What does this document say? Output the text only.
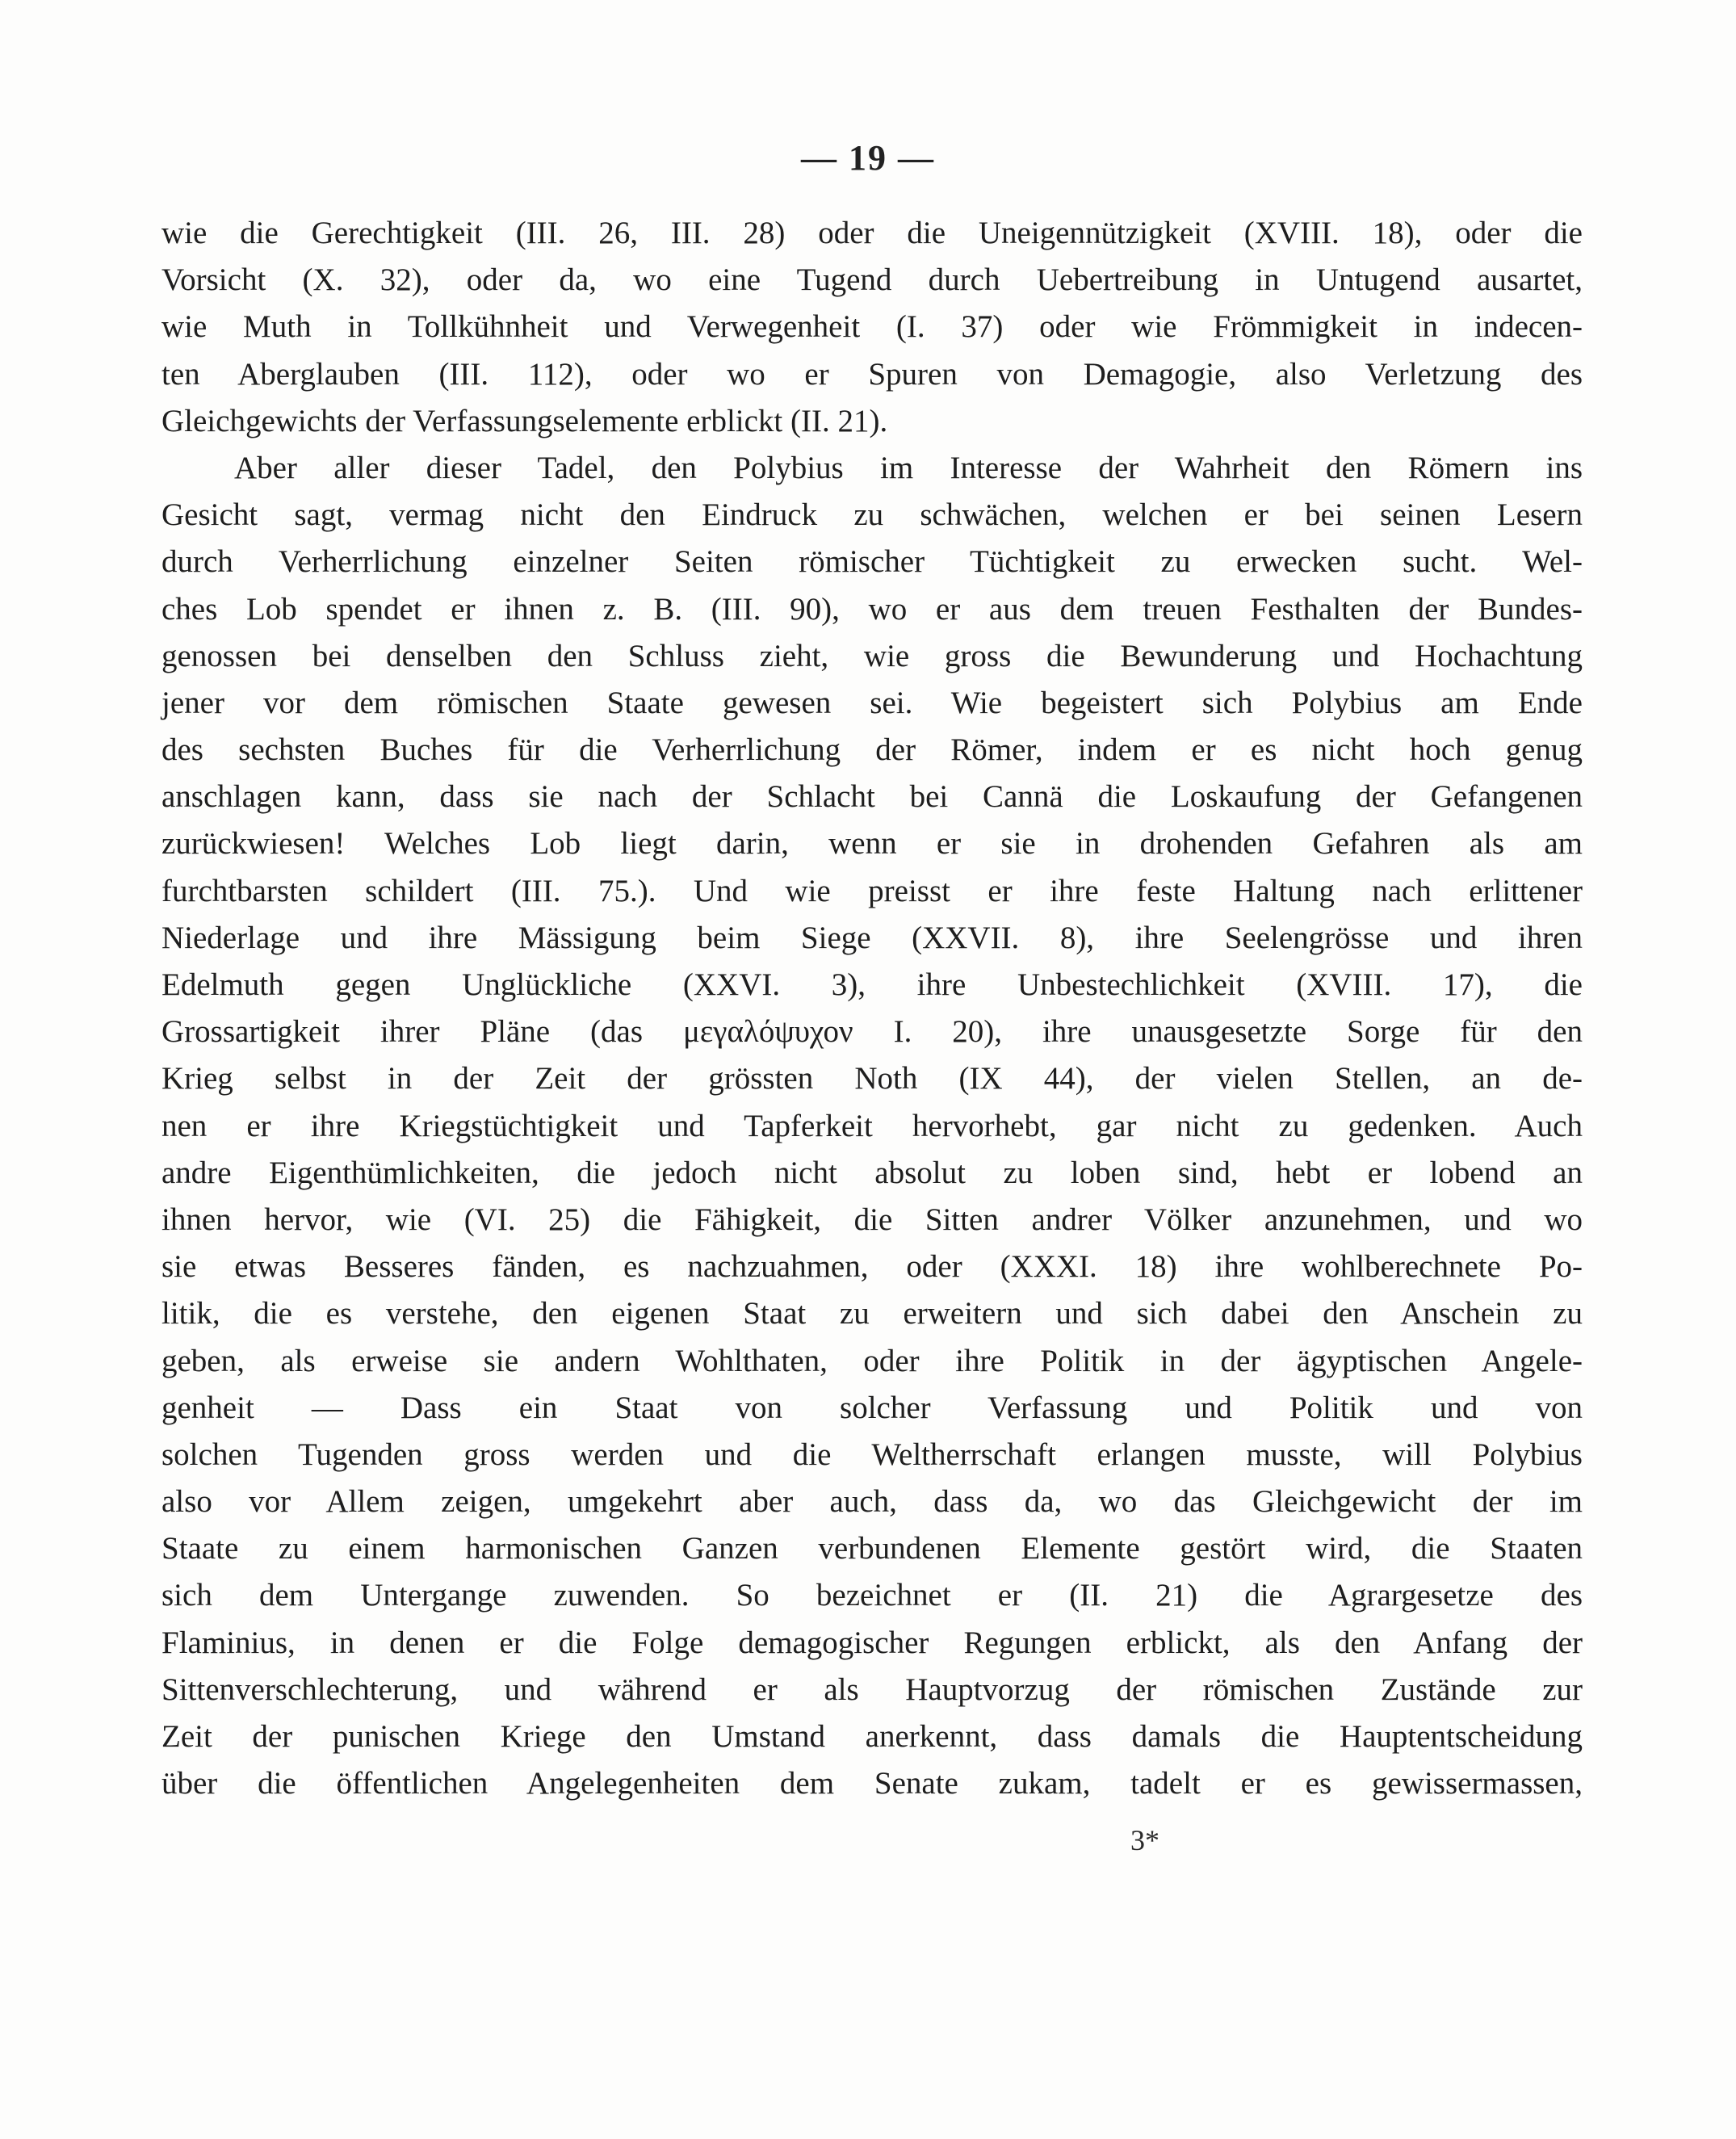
— 19 —
wie die Gerechtigkeit (III. 26, III. 28) oder die Uneigennützigkeit (XVIII. 18), oder die
Vorsicht (X. 32), oder da, wo eine Tugend durch Uebertreibung in Untugend ausartet,
wie Muth in Tollkühnheit und Verwegenheit (I. 37) oder wie Frömmigkeit in indecen-
ten Aberglauben (III. 112), oder wo er Spuren von Demagogie, also Verletzung des
Gleichgewichts der Verfassungselemente erblickt (II. 21).
Aber aller dieser Tadel, den Polybius im Interesse der Wahrheit den Römern ins
Gesicht sagt, vermag nicht den Eindruck zu schwächen, welchen er bei seinen Lesern
durch Verherrlichung einzelner Seiten römischer Tüchtigkeit zu erwecken sucht. Wel-
ches Lob spendet er ihnen z. B. (III. 90), wo er aus dem treuen Festhalten der Bundes-
genossen bei denselben den Schluss zieht, wie gross die Bewunderung und Hochachtung
jener vor dem römischen Staate gewesen sei. Wie begeistert sich Polybius am Ende
des sechsten Buches für die Verherrlichung der Römer, indem er es nicht hoch genug
anschlagen kann, dass sie nach der Schlacht bei Cannä die Loskaufung der Gefangenen
zurückwiesen! Welches Lob liegt darin, wenn er sie in drohenden Gefahren als am
furchtbarsten schildert (III. 75.). Und wie preisst er ihre feste Haltung nach erlittener
Niederlage und ihre Mässigung beim Siege (XXVII. 8), ihre Seelengrösse und ihren
Edelmuth gegen Unglückliche (XXVI. 3), ihre Unbestechlichkeit (XVIII. 17), die
Grossartigkeit ihrer Pläne (das μεγαλόψυχον I. 20), ihre unausgesetzte Sorge für den
Krieg selbst in der Zeit der grössten Noth (IX 44), der vielen Stellen, an de-
nen er ihre Kriegstüchtigkeit und Tapferkeit hervorhebt, gar nicht zu gedenken. Auch
andre Eigenthümlichkeiten, die jedoch nicht absolut zu loben sind, hebt er lobend an
ihnen hervor, wie (VI. 25) die Fähigkeit, die Sitten andrer Völker anzunehmen, und wo
sie etwas Besseres fänden, es nachzuahmen, oder (XXXI. 18) ihre wohlberechnete Po-
litik, die es verstehe, den eigenen Staat zu erweitern und sich dabei den Anschein zu
geben, als erweise sie andern Wohlthaten, oder ihre Politik in der ägyptischen Angele-
genheit — Dass ein Staat von solcher Verfassung und Politik und von
solchen Tugenden gross werden und die Weltherrschaft erlangen musste, will Polybius
also vor Allem zeigen, umgekehrt aber auch, dass da, wo das Gleichgewicht der im
Staate zu einem harmonischen Ganzen verbundenen Elemente gestört wird, die Staaten
sich dem Untergange zuwenden. So bezeichnet er (II. 21) die Agrargesetze des
Flaminius, in denen er die Folge demagogischer Regungen erblickt, als den Anfang der
Sittenverschlechterung, und während er als Hauptvorzug der römischen Zustände zur
Zeit der punischen Kriege den Umstand anerkennt, dass damals die Hauptentscheidung
über die öffentlichen Angelegenheiten dem Senate zukam, tadelt er es gewissermassen,
3*
